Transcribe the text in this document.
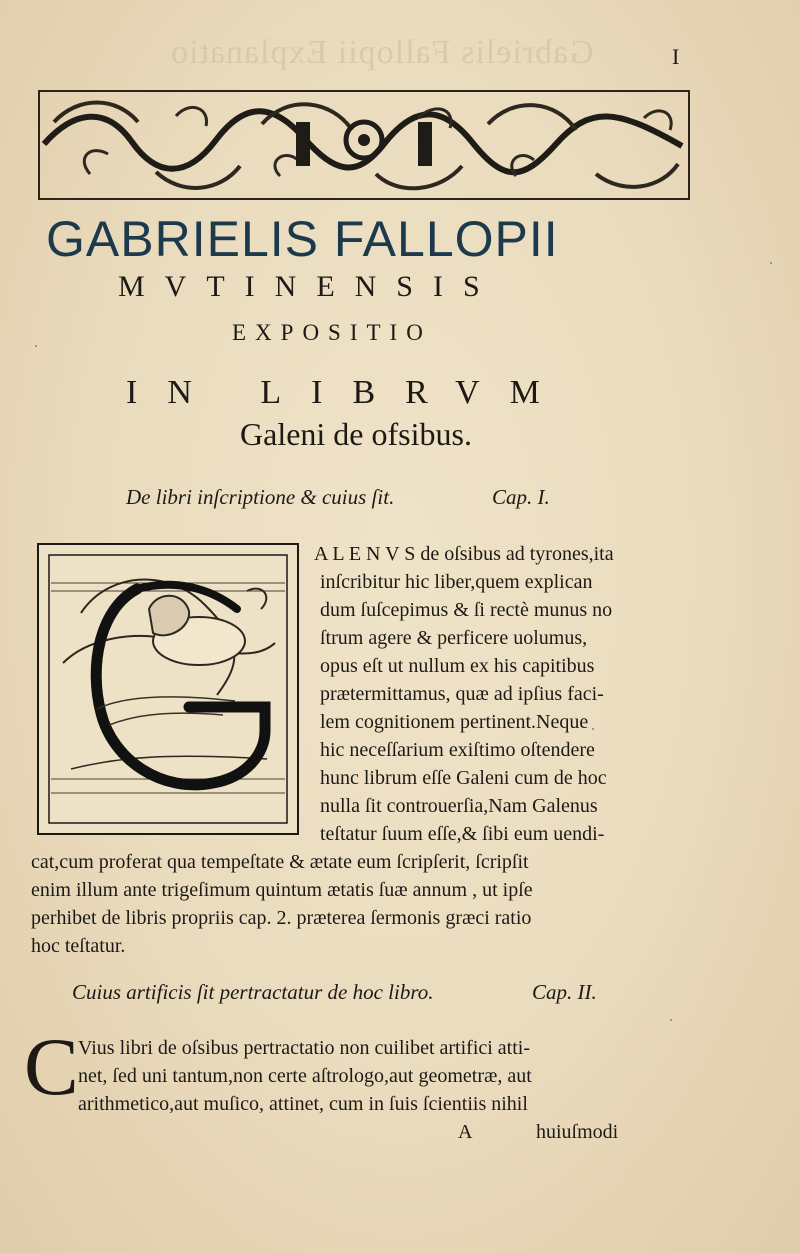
Gabrielis Fallopii Explanatio	I
GABRIELIS FALLOPII
MVTINENSIS
EXPOSITIO
IN LIBRVM
Galeni de ofsibus.
De libri inſcriptione & cuius ſit.	Cap. I.
A L E N V S de oſsibus ad tyrones,ita
inſcribitur hic liber,quem explican
dum ſuſcepimus & ſi rectè munus no
ſtrum agere & perficere uolumus,
opus eſt ut nullum ex his capitibus
prætermittamus, quæ ad ipſius faci-
lem cognitionem pertinent.Neque
hic neceſſarium exiſtimo oſtendere
hunc librum eſſe Galeni cum de hoc
nulla ſit controuerſia,Nam Galenus
teſtatur ſuum eſſe,& ſibi eum uendi-
cat,cum proferat qua tempeſtate & ætate eum ſcripſerit, ſcripſit
enim illum ante trigeſimum quintum ætatis ſuæ annum , ut ipſe
perhibet de libris propriis cap. 2. præterea ſermonis græci ratio
hoc teſtatur.
Cuius artificis ſit pertractatur de hoc libro.	Cap. II.
C Vius libri de oſsibus pertractatio non cuilibet artifici atti-
net, ſed uni tantum,non certe aſtrologo,aut geometræ, aut
arithmetico,aut muſico, attinet, cum in ſuis ſcientiis nihil
A	huiuſmodi
